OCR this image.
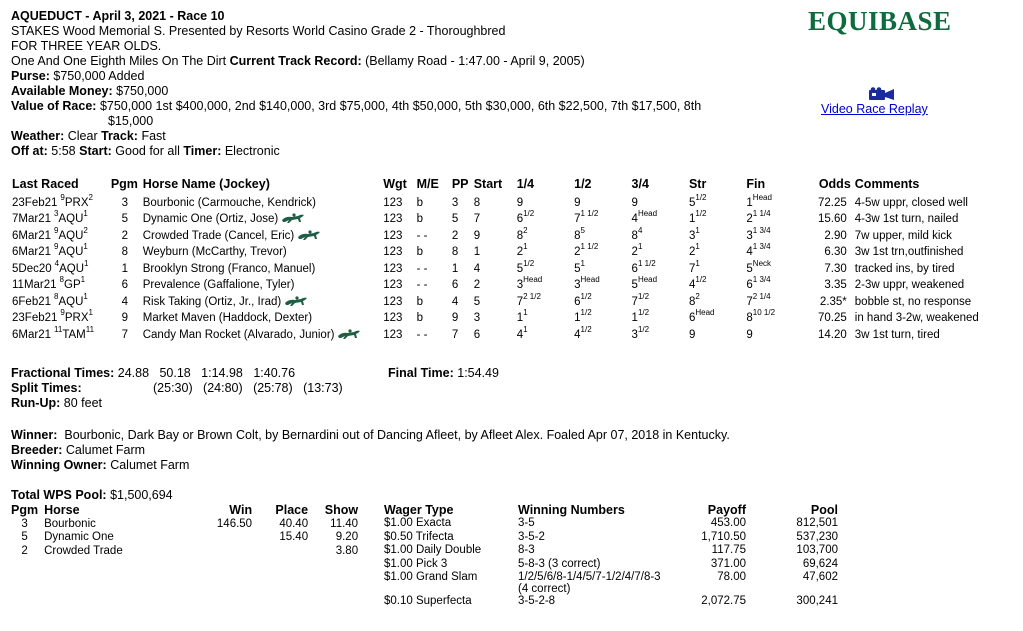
AQUEDUCT - April 3, 2021 - Race 10
STAKES Wood Memorial S. Presented by Resorts World Casino Grade 2 - Thoroughbred
FOR THREE YEAR OLDS.
One And One Eighth Miles On The Dirt Current Track Record: (Bellamy Road - 1:47.00 - April 9, 2005)
Purse: $750,000 Added
Available Money: $750,000
Value of Race: $750,000 1st $400,000, 2nd $140,000, 3rd $75,000, 4th $50,000, 5th $30,000, 6th $22,500, 7th $17,500, 8th
$15,000
Weather: Clear Track: Fast
Off at: 5:58 Start: Good for all Timer: Electronic
EQUIBASE
Video Race Replay
Last Raced	Pgm	Horse Name (Jockey)	Wgt	M/E	PP	Start	1/4	1/2	3/4	Str	Fin	Odds	Comments
23Feb21 $^9$PRX$^2$	3	Bourbonic (Carmouche, Kendrick)	123	b	3	8	9	9	9	$5^{1/2}$	$1^{Head}$	72.25	4-5w uppr, closed well
7Mar21 $^3$AQU$^1$	5	Dynamic One (Ortiz, Jose)	123	b	5	7	$6^{1/2}$	$7^{1 1/2}$	$4^{Head}$	$1^{1/2}$	$2^{1 1/4}$	15.60	4-3w 1st turn, nailed
6Mar21 $^9$AQU$^2$	2	Crowded Trade (Cancel, Eric)	123	- -	2	9	$8^2$	$8^5$	$8^4$	$3^1$	$3^{1 3/4}$	2.90	7w upper, mild kick
6Mar21 $^9$AQU$^1$	8	Weyburn (McCarthy, Trevor)	123	b	8	1	$2^1$	$2^{1 1/2}$	$2^1$	$2^1$	$4^{1 3/4}$	6.30	3w 1st trn,outfinished
5Dec20 $^4$AQU$^1$	1	Brooklyn Strong (Franco, Manuel)	123	- -	1	4	$5^{1/2}$	$5^1$	$6^{1 1/2}$	$7^1$	$5^{Neck}$	7.30	tracked ins, by tired
11Mar21 $^8GP^1$	6	Prevalence (Gaffalione, Tyler)	123	- -	6	2	$3^{Head}$	$3^{Head}$	$5^{Head}$	$4^{1/2}$	$6^{1 3/4}$	3.35	2-3w uppr, weakened
6Feb21 $^8$AQU$^1$	4	Risk Taking (Ortiz, Jr., Irad)	123	b	4	5	$7^{2 1/2}$	$6^{1/2}$	$7^{1/2}$	$8^2$	$7^{2 1/4}$	2.35*	bobble st, no response
23Feb21 $^9$PRX$^1$	9	Market Maven (Haddock, Dexter)	123	b	9	3	$1^1$	$1^{1/2}$	$1^{1/2}$	$6^{Head}$	$8^{10 1/2}$	70.25	in hand 3-2w, weakened
6Mar21 $^{11}$TAM$^{11}$	7	Candy Man Rocket (Alvarado, Junior)	123	- -	7	6	$4^1$	$4^{1/2}$	$3^{1/2}$	9	9	14.20	3w 1st turn, tired
Fractional Times: 24.88 50.18 1:14.98 1:40.76
Split Times:	(25:30) (24:80) (25:78) (13:73)
Run-Up: 80 feet
Final Time: 1:54.49
Winner: Bourbonic, Dark Bay or Brown Colt, by Bernardini out of Dancing Afleet, by Afleet Alex. Foaled Apr 07, 2018 in Kentucky.
Breeder: Calumet Farm
Winning Owner: Calumet Farm
Total WPS Pool: $1,500,694
Pgm	Horse	Win	Place	Show
3	Bourbonic	146.50	40.40	11.40
5	Dynamic One		15.40	9.20
2	Crowded Trade			3.80
Wager Type	Winning Numbers	Payoff	Pool
$1.00 Exacta	3-5	453.00	812,501
$0.50 Trifecta	3-5-2	1,710.50	537,230
$1.00 Daily Double	8-3	117.75	103,700
$1.00 Pick 3	5-8-3 (3 correct)	371.00	69,624
$1.00 Grand Slam	1/2/5/6/8-1/4/5/7-1/2/4/7/8-3
(4 correct)	78.00	47,602
$0.10 Superfecta	3-5-2-8	2,072.75	300,241
